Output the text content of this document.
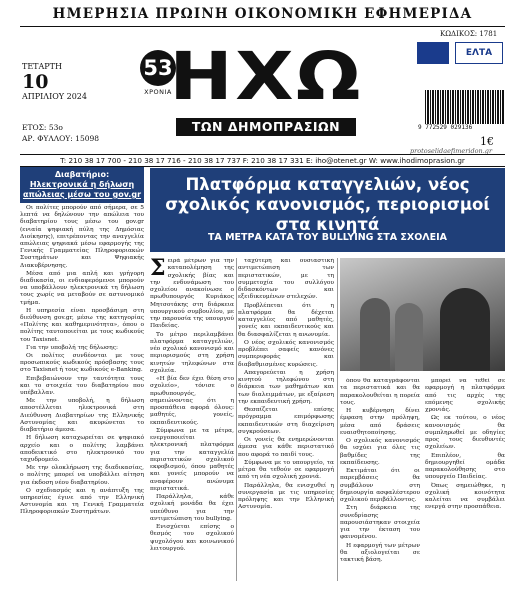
ΗΜΕΡΗΣΙΑ ΠΡΩΙΝΗ ΟΙΚΟΝΟΜΙΚΗ ΕΦΗΜΕΡΙΔΑ
ΤΕΤΑΡΤΗ
10
ΑΠΡΙΛΙΟΥ 2024
ΕΤΟΣ: 53ο
ΑΡ. ΦΥΛΛΟΥ: 15098
53
ΧΡΟΝΙΑ
ΗΧΩ
ΤΩΝ ΔΗΜΟΠΡΑΣΙΩΝ
ΚΩΔΙΚΟΣ: 1781
ΕΛΤΑ
9 772529 029136
1€
protoselidaefimeridon.gr
T: 210 38 17 700 - 210 38 17 716 - 210 38 17 737 F: 210 38 17 331 E: iho@otenet.gr W: www.ihodimoprasion.gr
Διαβατήριο:
Ηλεκτρονικά η δήλωση απώλειας μέσω του gov.gr

Οι πολίτες μπορούν από σήμερα, σε 5 λεπτά να δηλώνουν την απώλεια του διαβατηρίου τους μέσω του gov.gr (ενιαία ψηφιακή πύλη της Δημόσιας Διοίκησης), επιτρέποντας την αναγγελία απώλειας ψηφιακά μέσω εφαρμογής της Γενικής Γραμματείας Πληροφοριακών Συστημάτων και Ψηφιακής Διακυβέρνησης.

Μέσα από μια απλή και γρήγορη διαδικασία, οι ενδιαφερόμενοι μπορούν να υποβάλλουν ηλεκτρονικά τη δήλωση τους χωρίς να μεταβούν σε αστυνομικό τμήμα.

Η υπηρεσία είναι προσβάσιμη στη διεύθυνση gov.gr, μέσω της κατηγορίας «Πολίτης και καθημερινότητα», όπου ο πολίτης ταυτοποιείται με τους κωδικούς του Taxisnet.

Για την υποβολή της δήλωσης:

Οι πολίτες συνδέονται με τους προσωπικούς κωδικούς πρόσβασης τους στο Taxisnet ή τους κωδικούς e-Banking.

Επιβεβαιώνουν την ταυτότητα τους και το στοιχεία του διαβατηρίου που υπέβαλλαν.

Με την υποβολή, η δήλωση αποστέλλεται ηλεκτρονικά στη Διεύθυνση Διαβατηρίων της Ελληνικής Αστυνομίας και ακυρώνεται το διαβατήριο άμεσα.

Η δήλωση καταχωρείται σε ψηφιακό αρχείο και ο πολίτης λαμβάνει αποδεικτικό στο ηλεκτρονικό του ταχυδρομείο.

Με την ολοκλήρωση της διαδικασίας, ο πολίτης μπορεί να υποβάλλει αίτηση για έκδοση νέου διαβατηρίου.

Ο σχεδιασμός και η ανάπτυξη της υπηρεσίας έγινε από την Ελληνική Αστυνομία και τη Γενική Γραμματεία Πληροφοριακών Συστημάτων.

Πλατφόρμα καταγγελιών, νέος σχολικός κανονισμός, περιορισμοί στα κινητά
ΤΑ ΜΕΤΡΑ ΚΑΤΑ ΤΟΥ BULLYING ΣΤΑ ΣΧΟΛΕΙΑ

Σειρά μέτρων για την καταπολέμηση της σχολικής βίας και την ενδυνάμωση του σχολείου ανακοίνωσε ο πρωθυπουργός Κυριάκος Μητσοτάκης στη διάρκεια υπουργικού συμβουλίου, με την παρουσία της υπουργού Παιδείας.

Το μέτρο περιλαμβάνει πλατφόρμα καταγγελιών, νέο σχολικό κανονισμό και περιορισμούς στη χρήση κινητών τηλεφώνων στα σχολεία.

«Η βία δεν έχει θέση στο σχολείο», τόνισε ο πρωθυπουργός, σημειώνοντας ότι η προσπάθεια αφορά όλους: μαθητές, γονείς, εκπαιδευτικούς.

Σύμφωνα με τα μέτρα, ενεργοποιείται ηλεκτρονική πλατφόρμα για την καταγγελία περιστατικών σχολικού εκφοβισμού, όπου μαθητές και γονείς μπορούν να αναφέρουν ανώνυμα περιστατικά.

Παράλληλα, κάθε σχολική μονάδα θα έχει υπεύθυνο για την αντιμετώπιση του bullying.

Ενισχύεται επίσης ο θεσμός του σχολικού ψυχολόγου και κοινωνικού λειτουργού.

ταχύτερη και ουσιαστική αντιμετώπιση των περιστατικών, με τη συμμετοχία του συλλόγου διδασκόντων και εξειδικευμένων στελεχών.

Προβλέπεται ότι η πλατφόρμα θα δέχεται καταγγελίες από μαθητές, γονείς και εκπαιδευτικούς και θα διασφαλίζεται η ανωνυμία.

Ο νέος σχολικός κανονισμός προβλέπει σαφείς κανόνες συμπεριφοράς και διαβαθμισμένες κυρώσεις.

Απαγορεύεται η χρήση κινητού τηλεφώνου στη διάρκεια των μαθημάτων και των διαλειμμάτων, με εξαίρεση την εκπαιδευτική χρήση.

Θεσπίζεται επίσης πρόγραμμα επιμόρφωσης εκπαιδευτικών στη διαχείριση συγκρούσεων.

Οι γονείς θα ενημερώνονται άμεσα για κάθε περιστατικό που αφορά το παιδί τους.

Σύμφωνα με το υπουργείο, τα μέτρα θα τεθούν σε εφαρμογή από τη νέα σχολική χρονιά.

Παράλληλα, θα ενισχυθεί η συνεργασία με τις υπηρεσίες πρόληψης και την Ελληνική Αστυνομία.

όπου θα καταγράφονται τα περιστατικά και θα παρακολουθείται η πορεία τους.

Η κυβέρνηση δίνει έμφαση στην πρόληψη, μέσα από δράσεις ευαισθητοποίησης.

Ο σχολικός κανονισμός θα ισχύει για όλες τις βαθμίδες της εκπαίδευσης.

Εκτιμάται ότι οι παρεμβάσεις θα συμβάλουν στη δημιουργία ασφαλέστερου σχολικού περιβάλλοντος.

Στη διάρκεια της συνεδρίασης παρουσιάστηκαν στοιχεία για την έκταση του φαινομένου.

Η εφαρμογή των μέτρων θα αξιολογείται σε τακτική βάση.

μπορεί να τεθεί σε εφαρμογή η πλατφόρμα από τις αρχές της επόμενης σχολικής χρονιάς.

Ως εκ τούτου, ο νέος κανονισμός θα συμπληρωθεί με οδηγίες προς τους διευθυντές σχολείων.

Επιπλέον, θα δημιουργηθεί ομάδα παρακολούθησης στο υπουργείο Παιδείας.

Όπως σημειώθηκε, η σχολική κοινότητα καλείται να συμβάλει ενεργά στην προσπάθεια.
